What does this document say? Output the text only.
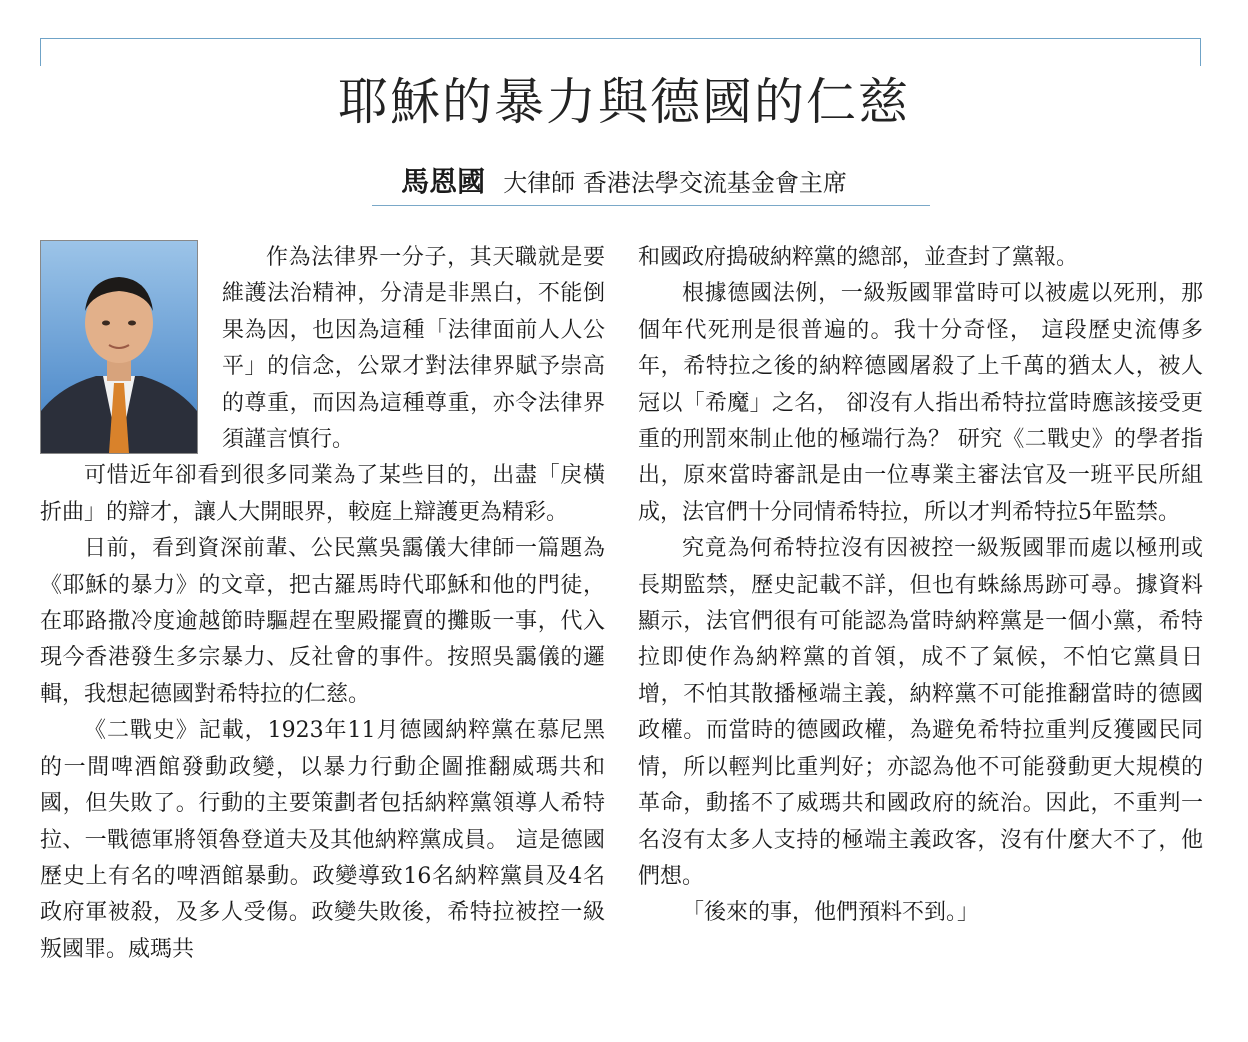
耶穌的暴力與德國的仁慈
馬恩國 大律師 香港法學交流基金會主席

作為法律界一分子，其天職就是要維護法治精神，分清是非黑白，不能倒果為因，也因為這種「法律面前人人公平」的信念，公眾才對法律界賦予崇高的尊重，而因為這種尊重，亦令法律界須謹言慎行。

可惜近年卻看到很多同業為了某些目的，出盡「戾橫折曲」的辯才，讓人大開眼界，較庭上辯護更為精彩。

日前，看到資深前輩、公民黨吳靄儀大律師一篇題為《耶穌的暴力》的文章，把古羅馬時代耶穌和他的門徒，在耶路撒冷度逾越節時驅趕在聖殿擺賣的攤販一事，代入現今香港發生多宗暴力、反社會的事件。按照吳靄儀的邏輯，我想起德國對希特拉的仁慈。

《二戰史》記載，1923年11月德國納粹黨在慕尼黑的一間啤酒館發動政變，以暴力行動企圖推翻威瑪共和國，但失敗了。行動的主要策劃者包括納粹黨領導人希特拉、一戰德軍將領魯登道夫及其他納粹黨成員。 這是德國歷史上有名的啤酒館暴動。政變導致16名納粹黨員及4名政府軍被殺，及多人受傷。政變失敗後，希特拉被控一級叛國罪。威瑪共

和國政府搗破納粹黨的總部，並查封了黨報。

根據德國法例，一級叛國罪當時可以被處以死刑，那個年代死刑是很普遍的。我十分奇怪， 這段歷史流傳多年，希特拉之後的納粹德國屠殺了上千萬的猶太人，被人冠以「希魔」之名， 卻沒有人指出希特拉當時應該接受更重的刑罰來制止他的極端行為？ 研究《二戰史》的學者指出，原來當時審訊是由一位專業主審法官及一班平民所組成，法官們十分同情希特拉，所以才判希特拉5年監禁。

究竟為何希特拉沒有因被控一級叛國罪而處以極刑或長期監禁，歷史記載不詳，但也有蛛絲馬跡可尋。據資料顯示，法官們很有可能認為當時納粹黨是一個小黨，希特拉即使作為納粹黨的首領，成不了氣候，不怕它黨員日增，不怕其散播極端主義，納粹黨不可能推翻當時的德國政權。而當時的德國政權，為避免希特拉重判反獲國民同情，所以輕判比重判好；亦認為他不可能發動更大規模的革命，動搖不了威瑪共和國政府的統治。因此，不重判一名沒有太多人支持的極端主義政客，沒有什麼大不了，他們想。

「後來的事，他們預料不到。」
